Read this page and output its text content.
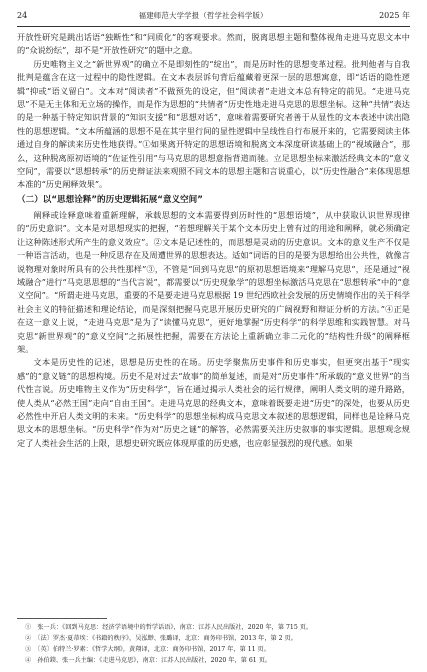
24	福建师范大学学报（哲学社会科学版）	2025 年

开放性研究是跳出话语“独断性”和“同质化”的客观要求。然而，脱离思想主题和整体视角走进马克思文本中的“众说纷纭”，却不是“开放性研究”的题中之意。

历史唯物主义之“新世界观”的确立不是即刻性的“绽出”，而是历时性的思想变革过程。批判他者与自我批判是蕴含在这一过程中的隐性逻辑。在文本表层诉句背后蕴藏着更深一层的思想寓意，即“话语的隐性逻辑”抑或“语义留白”。文本对“阅读者”不做预先的设定，但“阅读者”走进文本总有特定的前见。“走进马克思”不是无主体和无立场的操作，而是作为思想的“共情者”历史性地走进马克思的思想坐标。这种“共情”表达的是一种基于特定知识背景的“知识支援”和“思想对话”，意味着需要研究者善于从显性的文本表述中读出隐性的思想逻辑。“文本所蕴涵的思想不是在其字里行间的显性逻辑中呈线性自行布展开来的，它需要阅读主体通过自身的解读来历史性地获得。”①如果离开特定的思想语境和脱离文本深度研读基础上的“视域融合”，那么，这种脱离原初语境的“佐证性引用”与马克思的思想意指背道而驰。立足思想坐标来激活经典文本的“意义空间”，需要以“思想转承”的历史辩证法来观照不同文本的思想主题和言说重心，以“历史性融合”来体现思想本准的“历史阐释效果”。

（二）以“思想诠释”的历史逻辑拓展“意义空间”

阐释或诠释意味着重新理解，承载思想的文本需要得到历时性的“思想语境”，从中获取认识世界现律的“历史意识”。文本是对思想现实的把握，“若想理解关于某个文本历史上曾有过的用途和阐释，就必须确定让这种陈述形式所产生的意义效应”。②文本是记述性的，而思想是灵动的历史意识。文本的意义生产不仅是一种语言活动，也是一种反思存在及周遭世界的思想表达。适如“词语的目的是要为思想给出公共性，就像言说物理对象时所具有的公共性那样”③，不管是“回到马克思”的原初思想语境来“理解马克思”，还是通过“视域融合”进行“马克思思想的“当代言说”，都需要以“历史现象学”的思想坐标激活马克思在“思想转承”中的“意义空间”。“所谓走进马克思，重要的不是要走进马克思根据 19 世纪西欧社会发展的历史情境作出的关于科学社会主义的特征描述和理论结论，而是深刻把握马克思开展历史研究的广阔视野和辩证分析的方法。”④正是在这一意义上说，“走进马克思”是为了“读懂马克思”，更好地掌握“历史科学”的科学思维和实践智慧。对马克思“新世界观”的“意义空间”之拓展性把握，需要在方法论上重新确立非二元化的“结构性升级”的阐释框架。

文本是历史性的记述，思想是历史性的在场。历史学聚焦历史事件和历史事实，但更突出基于“现实感”的“意义链”的思想构境。历史不是对过去“故事”的简单复述，而是对“历史事件”所承载的“意义世界”的当代性言说。历史唯物主义作为“历史科学”，旨在通过揭示人类社会的运行规律，阐明人类文明的递升路路，使人类从“必然王国”走向“自由王国”。走进马克思的经典文本，意味着既要走进“历史”的深处，也要从历史必然性中开启人类文明的未来。“历史科学”的思想坐标构成马克思文本叙述的思想逻辑，同样也是诠释马克思文本的思想坐标。“历史科学”作为对“历史之谜”的解答，必然需要关注历史叙事的事实逻辑。思想观念规定了人类社会生活的上限，思想史研究既应体现厚重的历史感，也应彰显强烈的现代感。如果

①　张一兵：《回到马克思：经济学语境中的哲学话语》，南京：江苏人民出版社，2020 年，第 715 页。
②　〔法〕罗杰·夏蒂埃：《书籍的秩序》，吴泓缈、张璐译，北京：商务印书馆，2013 年，第 2 页。
③　〔英〕伯特兰·罗素：《哲学大纲》，黄翔译，北京：商务印书馆，2017 年，第 11 页。
④　孙伯鍨、张一兵主编：《走进马克思》，南京：江苏人民出版社，2020 年，第 61 页。
